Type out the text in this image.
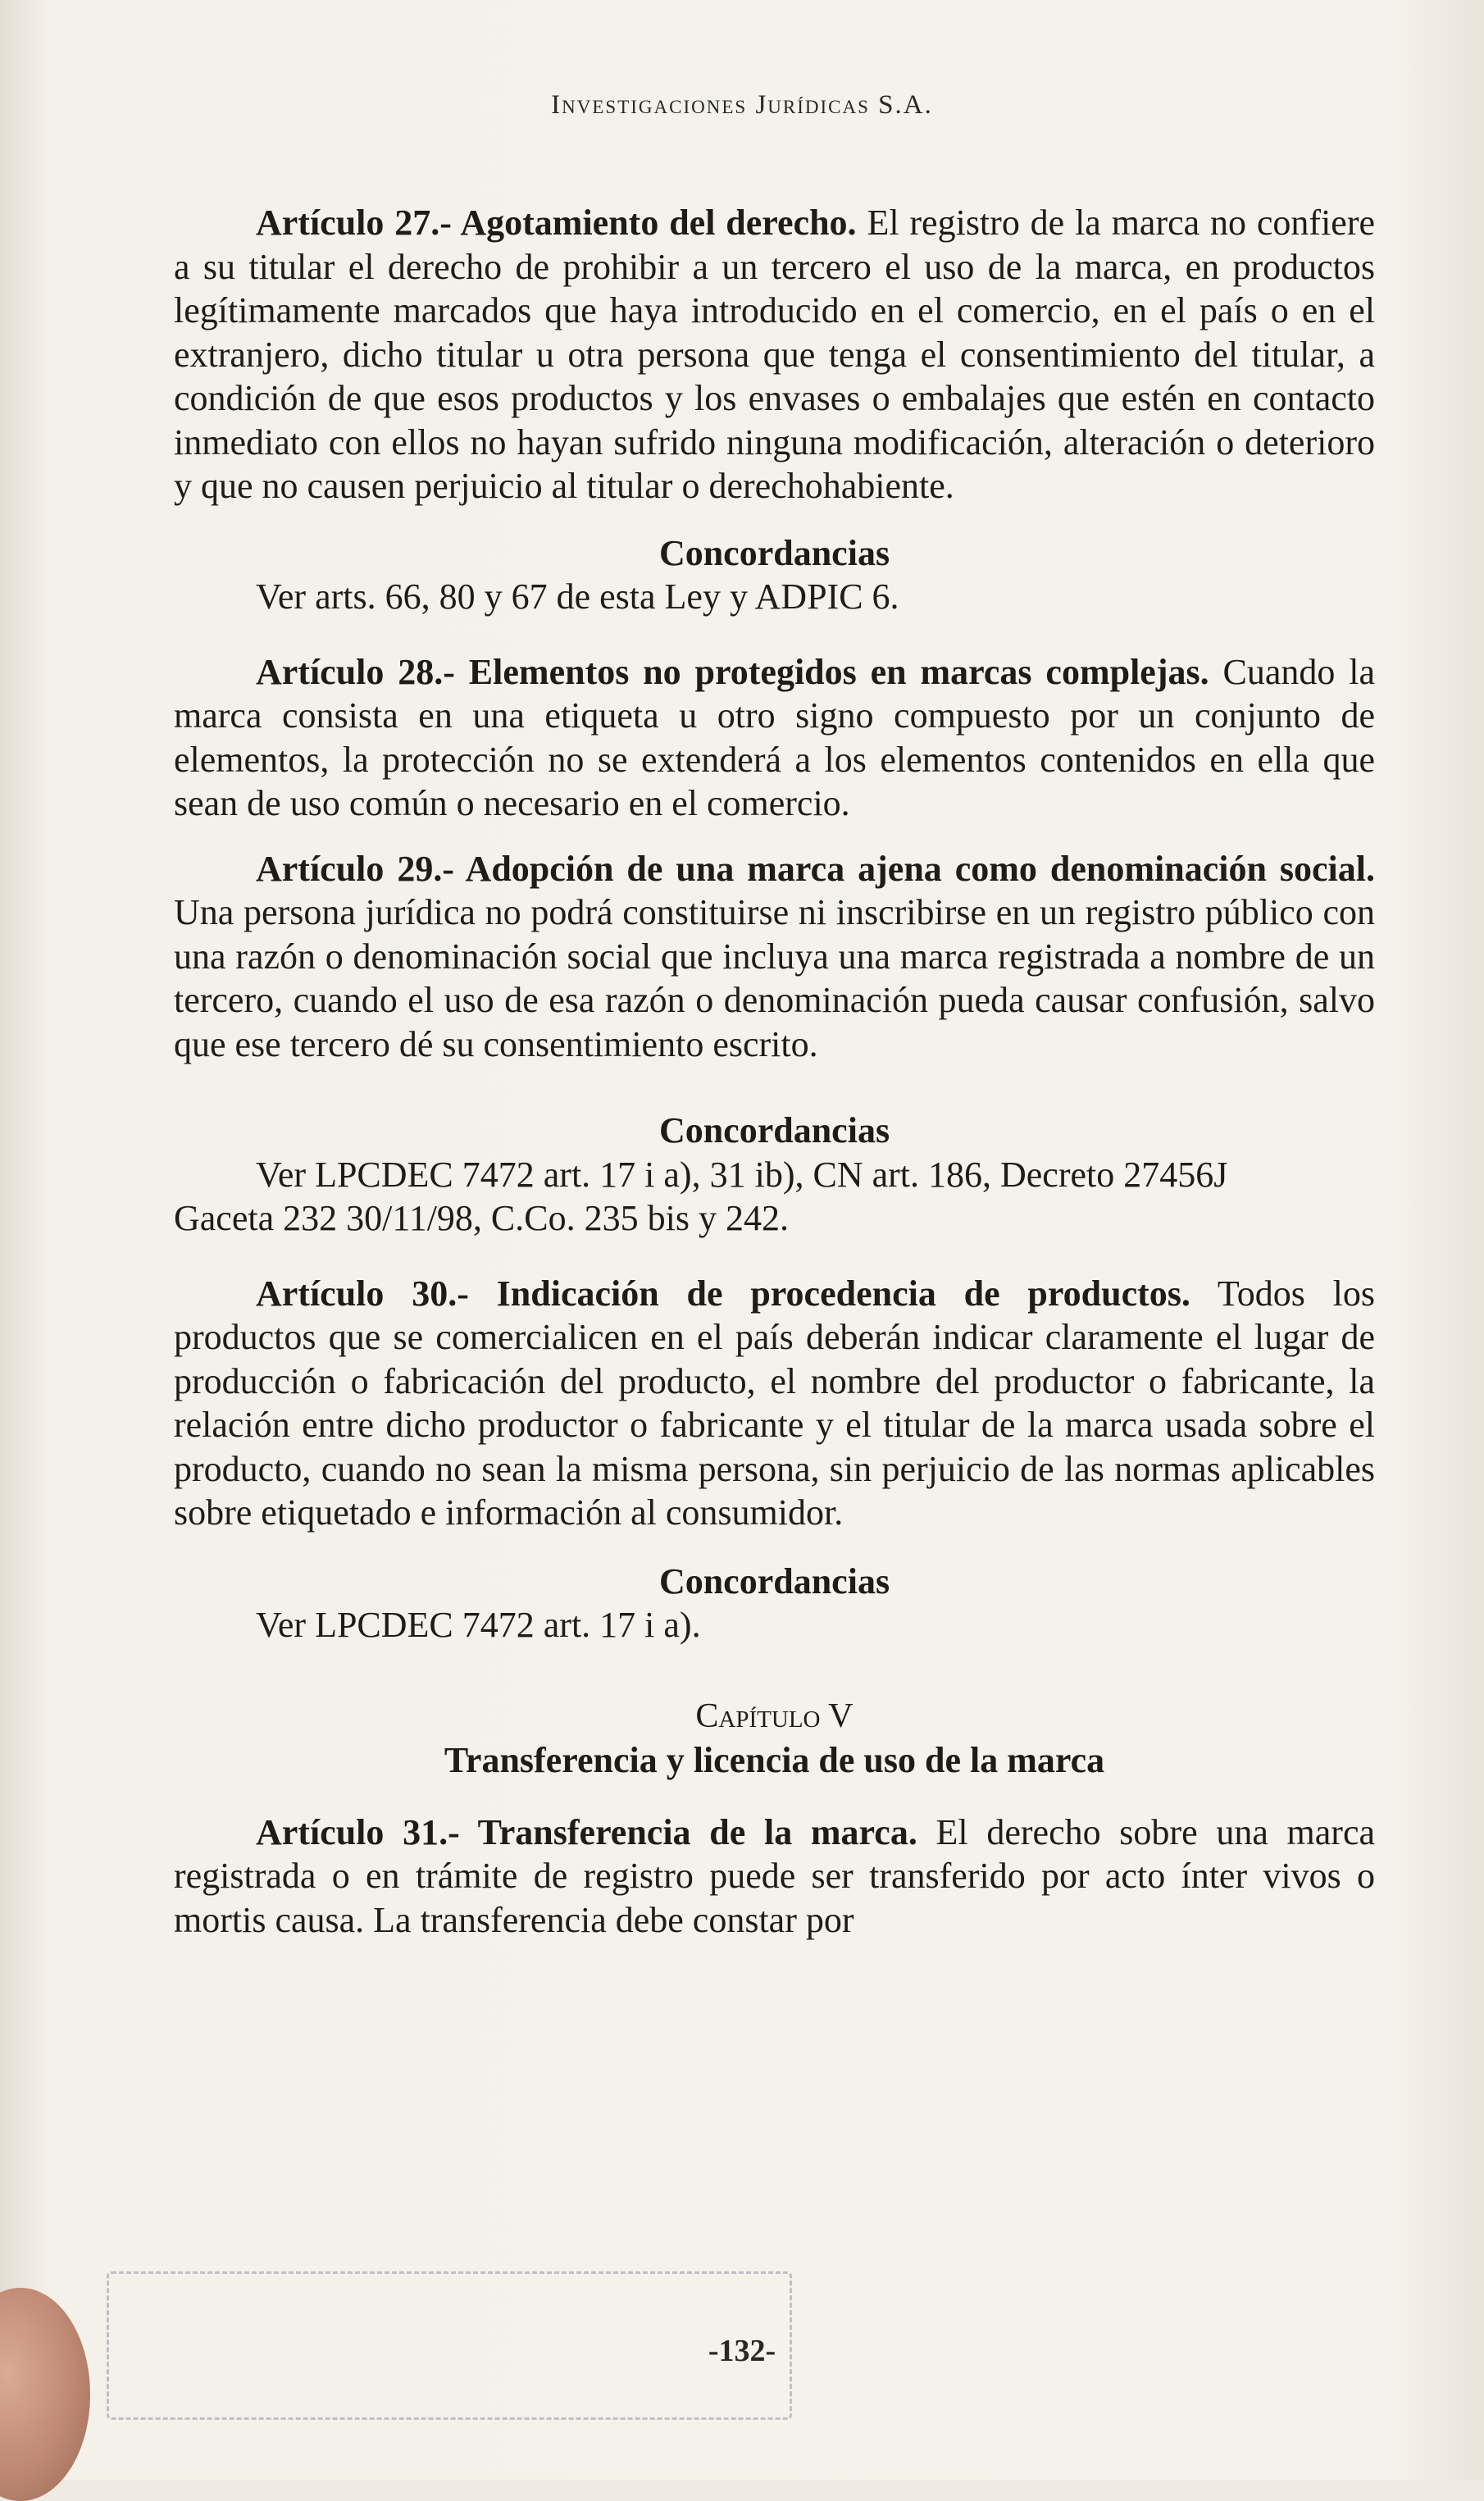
Investigaciones Jurídicas S.A.

Artículo 27.- Agotamiento del derecho. El registro de la marca no confiere a su titular el derecho de prohibir a un tercero el uso de la marca, en productos legítimamente marcados que haya introducido en el comercio, en el país o en el extranjero, dicho titular u otra persona que tenga el consentimiento del titular, a condición de que esos productos y los envases o embalajes que estén en contacto inmediato con ellos no hayan sufrido ninguna modificación, alteración o deterioro y que no causen perjuicio al titular o derechohabiente.

Concordancias

Ver arts. 66, 80 y 67 de esta Ley y ADPIC 6.

Artículo 28.- Elementos no protegidos en marcas complejas. Cuando la marca consista en una etiqueta u otro signo compuesto por un conjunto de elementos, la protección no se extenderá a los elementos contenidos en ella que sean de uso común o necesario en el comercio.

Artículo 29.- Adopción de una marca ajena como denominación social. Una persona jurídica no podrá constituirse ni inscribirse en un registro público con una razón o denominación social que incluya una marca registrada a nombre de un tercero, cuando el uso de esa razón o denominación pueda causar confusión, salvo que ese tercero dé su consentimiento escrito.

Concordancias

Ver LPCDEC 7472 art. 17 i a), 31 ib), CN art. 186, Decreto 27456J

Gaceta 232 30/11/98, C.Co. 235 bis y 242.

Artículo 30.- Indicación de procedencia de productos. Todos los productos que se comercialicen en el país deberán indicar claramente el lugar de producción o fabricación del producto, el nombre del productor o fabricante, la relación entre dicho productor o fabricante y el titular de la marca usada sobre el producto, cuando no sean la misma persona, sin perjuicio de las normas aplicables sobre etiquetado e información al consumidor.

Concordancias

Ver LPCDEC 7472 art. 17 i a).

Capítulo V

Transferencia y licencia de uso de la marca

Artículo 31.- Transferencia de la marca. El derecho sobre una marca registrada o en trámite de registro puede ser transferido por acto ínter vivos o mortis causa. La transferencia debe constar por

-132-
